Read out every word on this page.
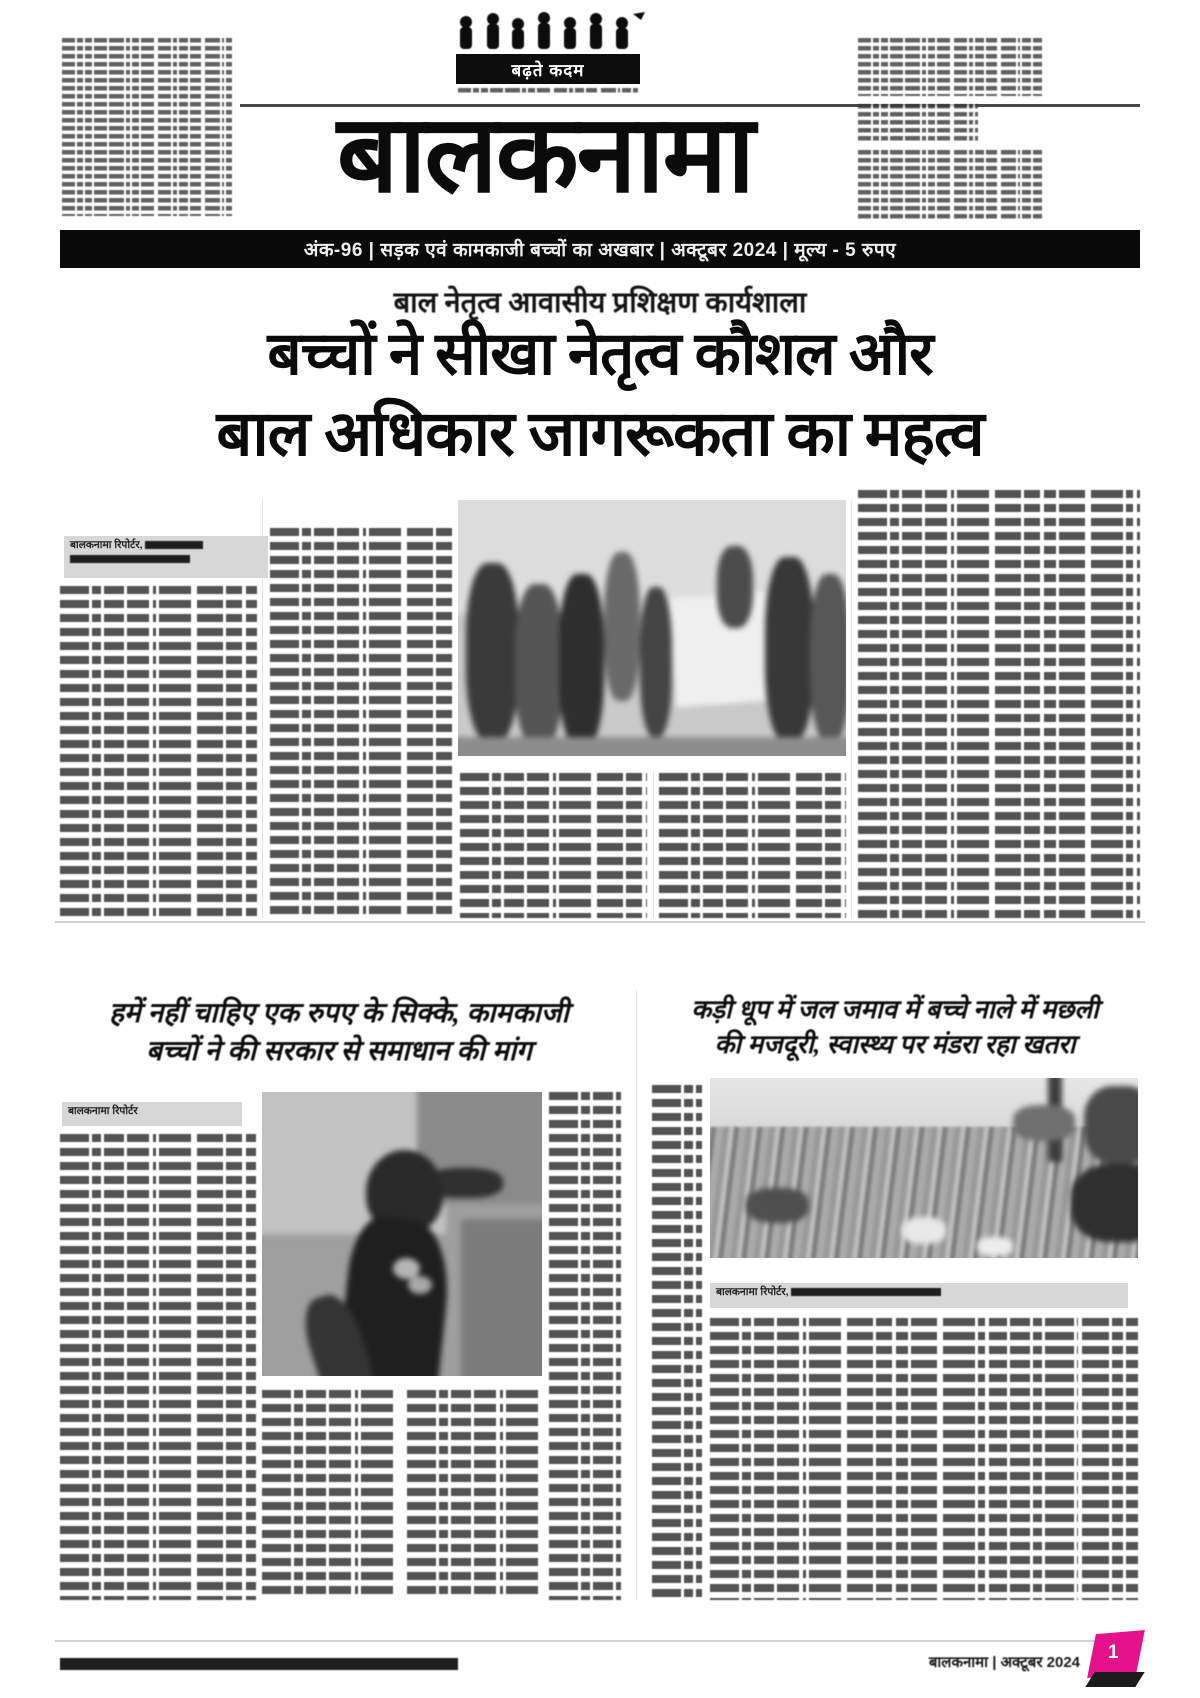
बढ़ते कदम
बालकनामा
अंक-96 | सड़क एवं कामकाजी बच्चों का अखबार | अक्टूबर 2024 | मूल्य - 5 रुपए
बाल नेतृत्व आवासीय प्रशिक्षण कार्यशाला
बच्चों ने सीखा नेतृत्व कौशल और
बाल अधिकार जागरूकता का महत्व
बालकनामा रिपोर्टर,

हमें नहीं चाहिए एक रुपए के सिक्के, कामकाजी
बच्चों ने की सरकार से समाधान की मांग
बालकनामा रिपोर्टर
कड़ी धूप में जल जमाव में बच्चे नाले में मछली
की मजदूरी, स्वास्थ्य पर मंडरा रहा खतरा
बालकनामा रिपोर्टर,
बालकनामा | अक्टूबर 2024 1
